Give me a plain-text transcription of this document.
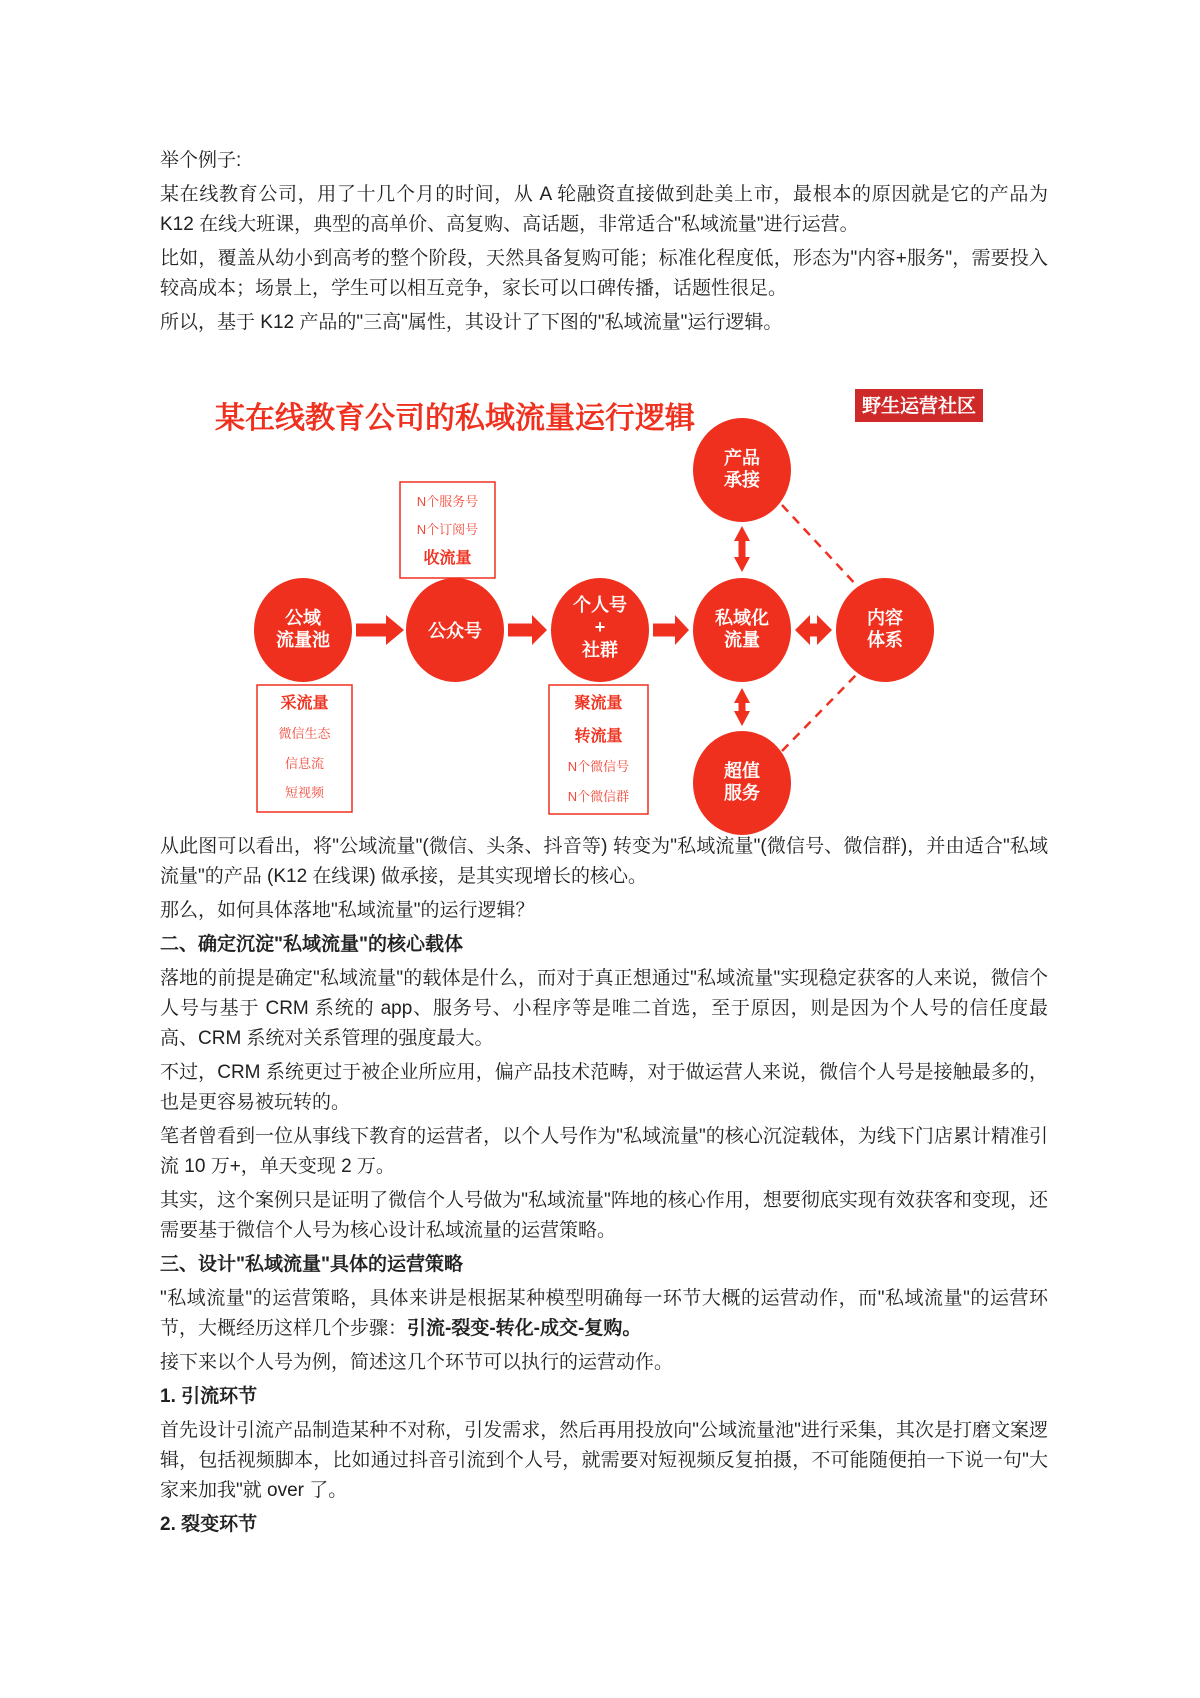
举个例子:

某在线教育公司，用了十几个月的时间，从 A 轮融资直接做到赴美上市，最根本的原因就是它的产品为 K12 在线大班课，典型的高单价、高复购、高话题，非常适合"私域流量"进行运营。

比如，覆盖从幼小到高考的整个阶段，天然具备复购可能；标准化程度低，形态为"内容+服务"，需要投入较高成本；场景上，学生可以相互竞争，家长可以口碑传播，话题性很足。

所以，基于 K12 产品的"三高"属性，其设计了下图的"私域流量"运行逻辑。

某在线教育公司的私域流量运行逻辑	野生运营社区
公域
流量池	公众号
个人号
+
社群
私域化
流量
内容
体系
产品
承接
超值
服务
N个服务号
N个订阅号
收流量
采流量
微信生态
信息流
短视频
聚流量
转流量
N个微信号
N个微信群

从此图可以看出，将"公域流量"(微信、头条、抖音等) 转变为"私域流量"(微信号、微信群)，并由适合"私域流量"的产品 (K12 在线课) 做承接，是其实现增长的核心。

那么，如何具体落地"私域流量"的运行逻辑？

二、确定沉淀"私域流量"的核心载体

落地的前提是确定"私域流量"的载体是什么，而对于真正想通过"私域流量"实现稳定获客的人来说，微信个人号与基于 CRM 系统的 app、服务号、小程序等是唯二首选，至于原因，则是因为个人号的信任度最高、CRM 系统对关系管理的强度最大。

不过，CRM 系统更过于被企业所应用，偏产品技术范畴，对于做运营人来说，微信个人号是接触最多的，也是更容易被玩转的。

笔者曾看到一位从事线下教育的运营者，以个人号作为"私域流量"的核心沉淀载体，为线下门店累计精准引流 10 万+，单天变现 2 万。

其实，这个案例只是证明了微信个人号做为"私域流量"阵地的核心作用，想要彻底实现有效获客和变现，还需要基于微信个人号为核心设计私域流量的运营策略。

三、设计"私域流量"具体的运营策略

"私域流量"的运营策略，具体来讲是根据某种模型明确每一环节大概的运营动作，而"私域流量"的运营环节，大概经历这样几个步骤：引流-裂变-转化-成交-复购。

接下来以个人号为例，简述这几个环节可以执行的运营动作。

1. 引流环节

首先设计引流产品制造某种不对称，引发需求，然后再用投放向"公域流量池"进行采集，其次是打磨文案逻辑，包括视频脚本，比如通过抖音引流到个人号，就需要对短视频反复拍摄，不可能随便拍一下说一句"大家来加我"就 over 了。

2. 裂变环节
